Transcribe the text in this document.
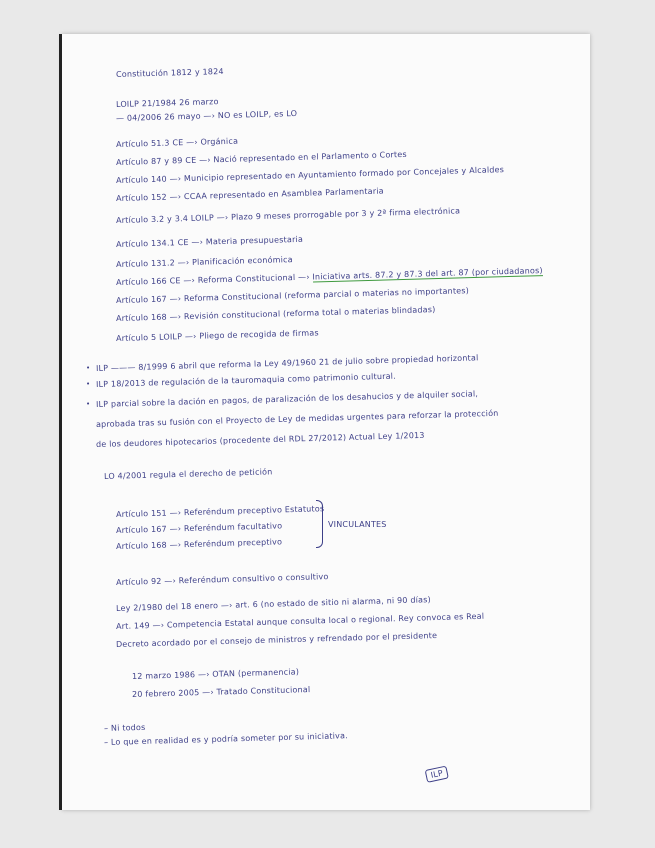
Constitución 1812 y 1824
LOILP 21/1984 26 marzo
— 04/2006 26 mayo —› NO es LOILP, es LO
Artículo 51.3 CE —› Orgánica
Artículo 87 y 89 CE —› Nació representado en el Parlamento o Cortes
Artículo 140 —› Municipio representado en Ayuntamiento formado por Concejales y Alcaldes
Artículo 152 —› CCAA representado en Asamblea Parlamentaria
Artículo 3.2 y 3.4 LOILP —› Plazo 9 meses prorrogable por 3 y 2ª firma electrónica
Artículo 134.1 CE —› Materia presupuestaria
Artículo 131.2 —› Planificación económica
Artículo 166 CE —› Reforma Constitucional —› Iniciativa arts. 87.2 y 87.3 del art. 87 (por ciudadanos)
Artículo 167 —› Reforma Constitucional (reforma parcial o materias no importantes)
Artículo 168 —› Revisión constitucional (reforma total o materias blindadas)
Artículo 5 LOILP —› Pliego de recogida de firmas
• ILP ——— 8/1999 6 abril que reforma la Ley 49/1960 21 de julio sobre propiedad horizontal
• ILP 18/2013 de regulación de la tauromaquia como patrimonio cultural.
• ILP parcial sobre la dación en pagos, de paralización de los desahucios y de alquiler social,
aprobada tras su fusión con el Proyecto de Ley de medidas urgentes para reforzar la protección
de los deudores hipotecarios (procedente del RDL 27/2012) Actual Ley 1/2013
LO 4/2001 regula el derecho de petición
Artículo 151 —› Referéndum preceptivo Estatutos
Artículo 167 —› Referéndum facultativo
Artículo 168 —› Referéndum preceptivo
VINCULANTES
Artículo 92 —› Referéndum consultivo o consultivo
Ley 2/1980 del 18 enero —› art. 6 (no estado de sitio ni alarma, ni 90 días)
Art. 149 —› Competencia Estatal aunque consulta local o regional. Rey convoca es Real
Decreto acordado por el consejo de ministros y refrendado por el presidente
12 marzo 1986 —› OTAN (permanencia)
20 febrero 2005 —› Tratado Constitucional
– Ni todos
– Lo que en realidad es y podría someter por su iniciativa.
ILP
